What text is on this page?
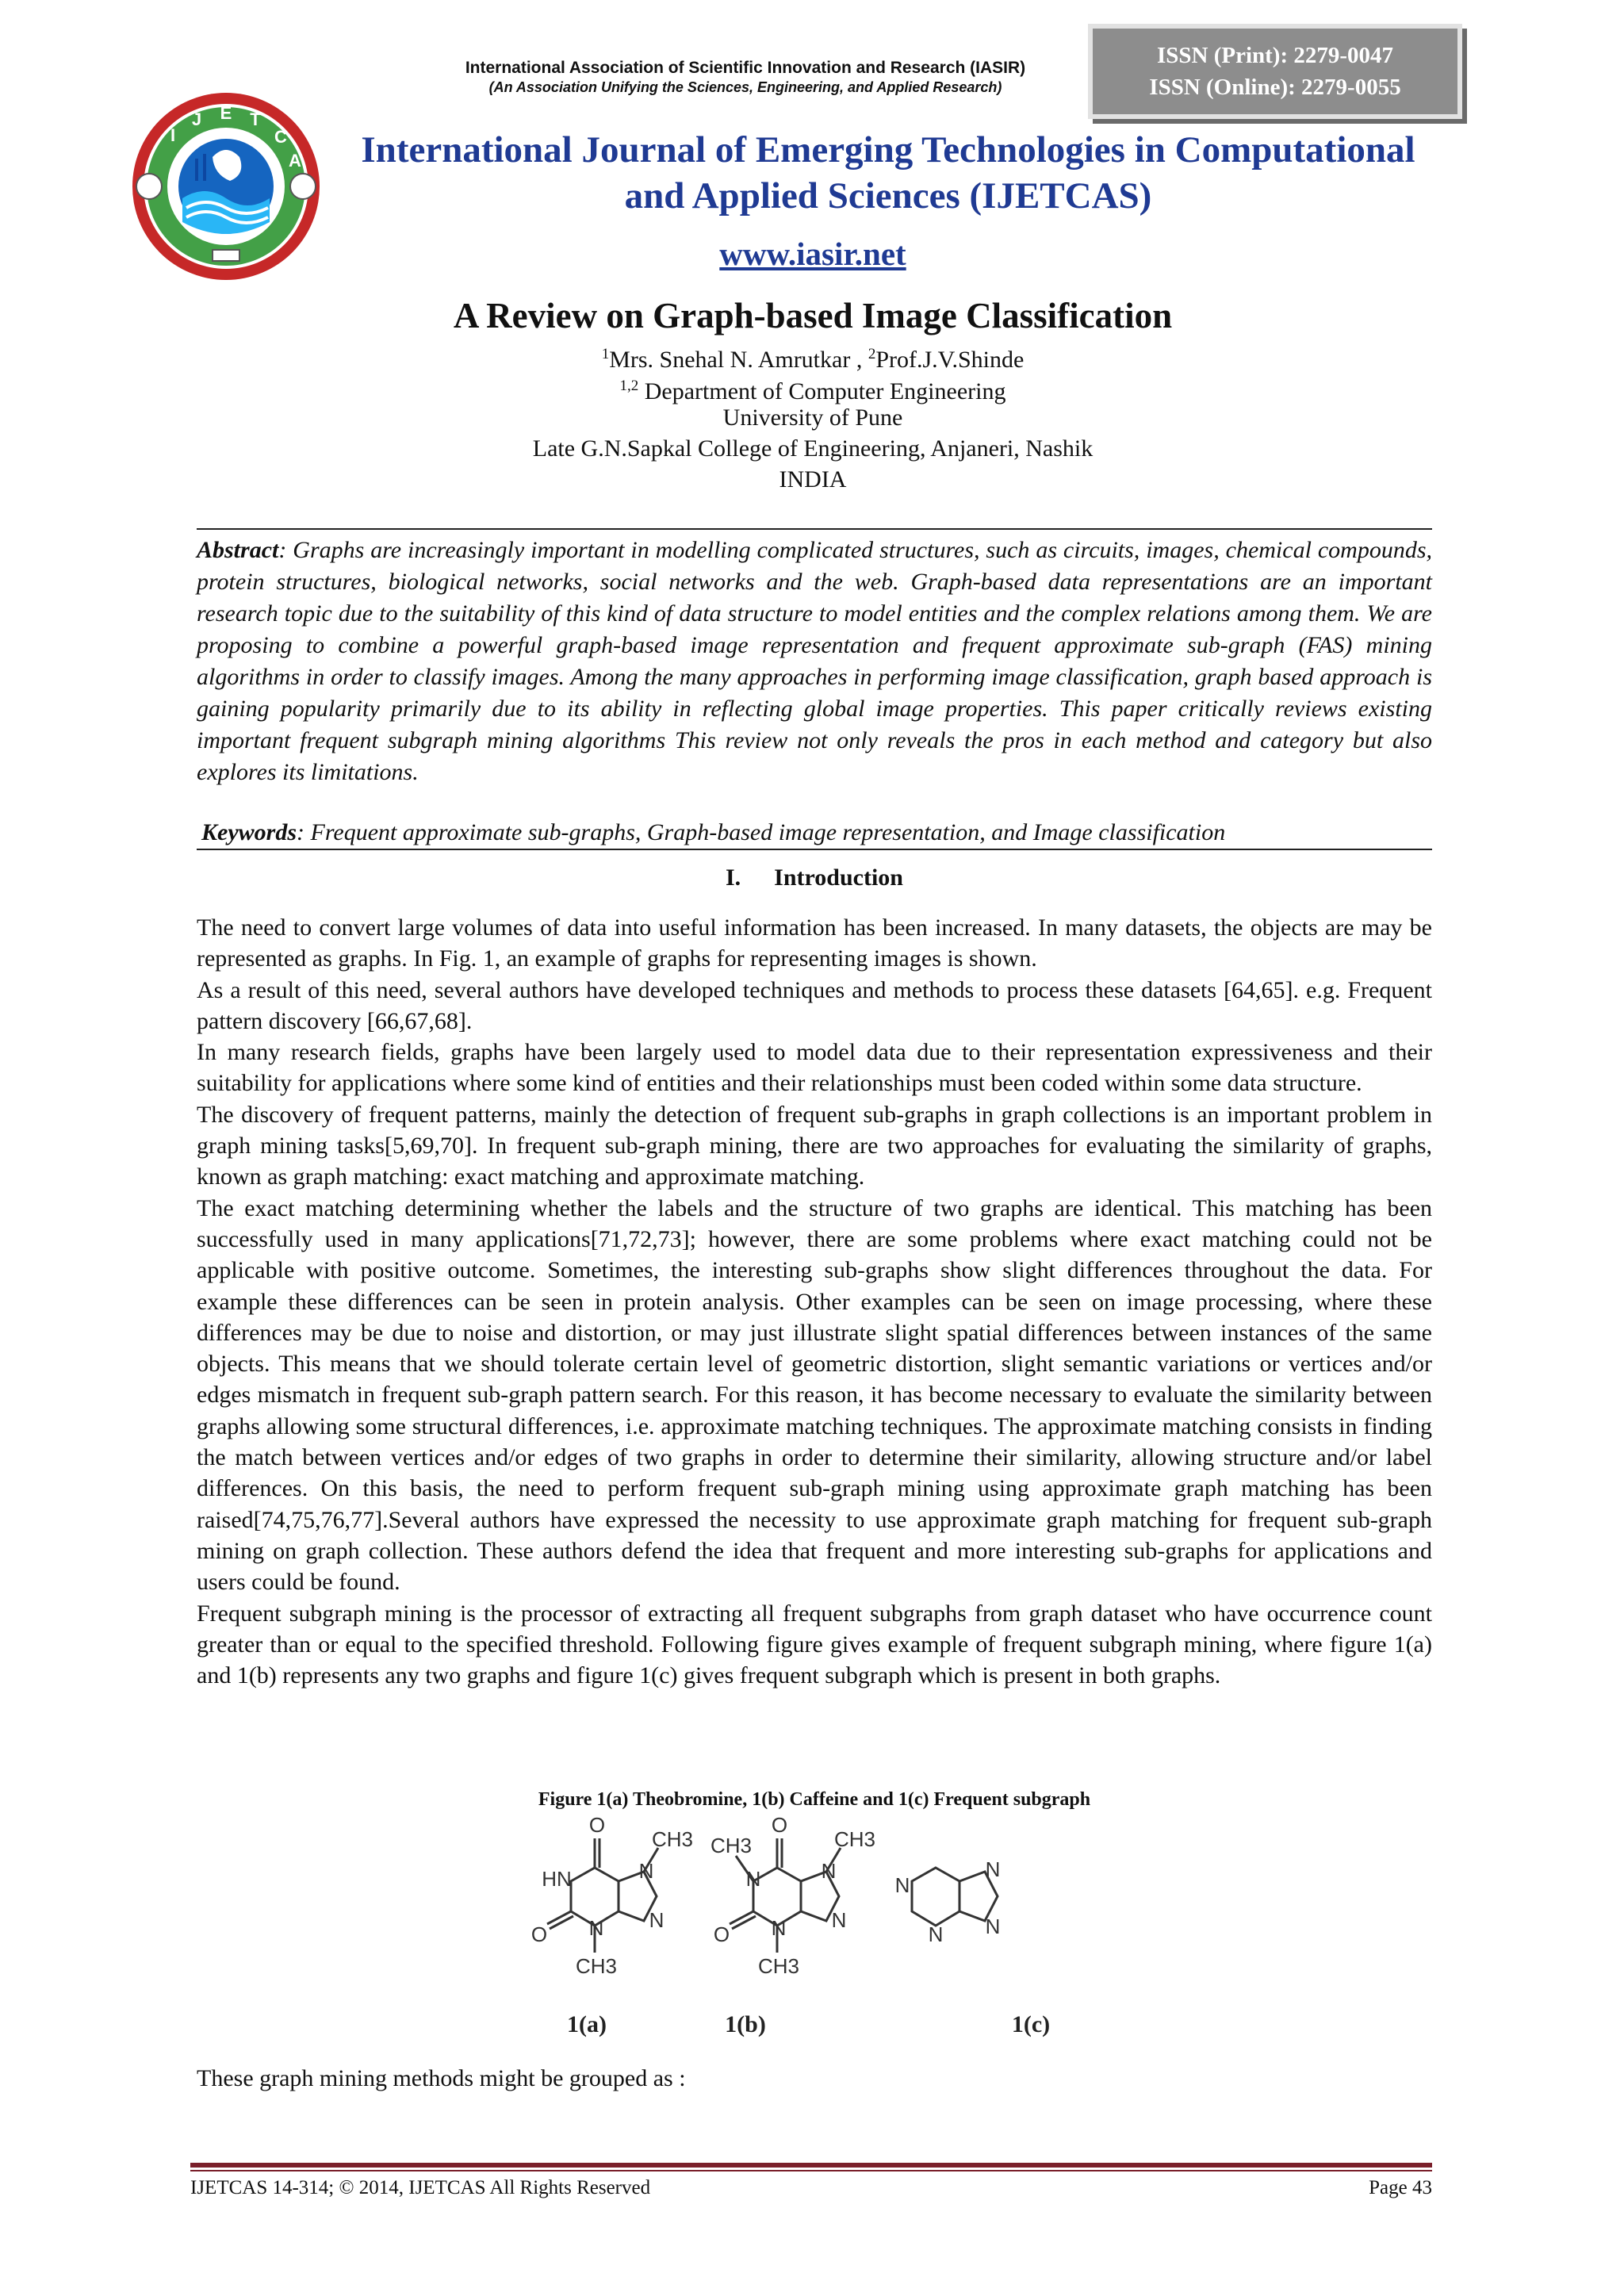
International Association of Scientific Innovation and Research (IASIR)
(An Association Unifying the Sciences, Engineering, and Applied Research)
ISSN (Print): 2279-0047
ISSN (Online): 2279-0055
E
J	T
I	C
A	International Journal of Emerging Technologies in Computational
and Applied Sciences (IJETCAS)
www.iasir.net
A Review on Graph-based Image Classification
$^1$Mrs. Snehal N. Amrutkar , $^2$Prof.J.V.Shinde
$^{1,2}$ Department of Computer Engineering
University of Pune
Late G.N.Sapkal College of Engineering, Anjaneri, Nashik
INDIA
Abstract: Graphs are increasingly important in modelling complicated structures, such as circuits, images, chemical compounds, protein structures, biological networks, social networks and the web. Graph-based data representations are an important research topic due to the suitability of this kind of data structure to model entities and the complex relations among them. We are proposing to combine a powerful graph-based image representation and frequent approximate sub-graph (FAS) mining algorithms in order to classify images. Among the many approaches in performing image classification, graph based approach is gaining popularity primarily due to its ability in reflecting global image properties. This paper critically reviews existing important frequent subgraph mining algorithms This review not only reveals the pros in each method and category but also explores its limitations.
Keywords: Frequent approximate sub-graphs, Graph-based image representation, and Image classification
I. Introduction

The need to convert large volumes of data into useful information has been increased. In many datasets, the objects are may be represented as graphs. In Fig. 1, an example of graphs for representing images is shown.

As a result of this need, several authors have developed techniques and methods to process these datasets [64,65]. e.g. Frequent pattern discovery [66,67,68].

In many research fields, graphs have been largely used to model data due to their representation expressiveness and their suitability for applications where some kind of entities and their relationships must been coded within some data structure.

The discovery of frequent patterns, mainly the detection of frequent sub-graphs in graph collections is an important problem in graph mining tasks[5,69,70]. In frequent sub-graph mining, there are two approaches for evaluating the similarity of graphs, known as graph matching: exact matching and approximate matching.

The exact matching determining whether the labels and the structure of two graphs are identical. This matching has been successfully used in many applications[71,72,73]; however, there are some problems where exact matching could not be applicable with positive outcome. Sometimes, the interesting sub-graphs show slight differences throughout the data. For example these differences can be seen in protein analysis. Other examples can be seen on image processing, where these differences may be due to noise and distortion, or may just illustrate slight spatial differences between instances of the same objects. This means that we should tolerate certain level of geometric distortion, slight semantic variations or vertices and/or edges mismatch in frequent sub-graph pattern search. For this reason, it has become necessary to evaluate the similarity between graphs allowing some structural differences, i.e. approximate matching techniques. The approximate matching consists in finding the match between vertices and/or edges of two graphs in order to determine their similarity, allowing structure and/or label differences. On this basis, the need to perform frequent sub-graph mining using approximate graph matching has been raised[74,75,76,77].Several authors have expressed the necessity to use approximate graph matching for frequent sub-graph mining on graph collection. These authors defend the idea that frequent and more interesting sub-graphs for applications and users could be found.

Frequent subgraph mining is the processor of extracting all frequent subgraphs from graph dataset who have occurrence count greater than or equal to the specified threshold. Following figure gives example of frequent subgraph mining, where figure 1(a) and 1(b) represents any two graphs and figure 1(c) gives frequent subgraph which is present in both graphs.

Figure 1(a) Theobromine, 1(b) Caffeine and 1(c) Frequent subgraph
O
HN
O N
N
N
CH3
CH3
O
N
O N
N
N
CH3	CH3
CH3
N
N
N
N
1(a)	1(b)	1(c)
These graph mining methods might be grouped as :
IJETCAS 14-314; © 2014, IJETCAS All Rights Reserved	Page 43
